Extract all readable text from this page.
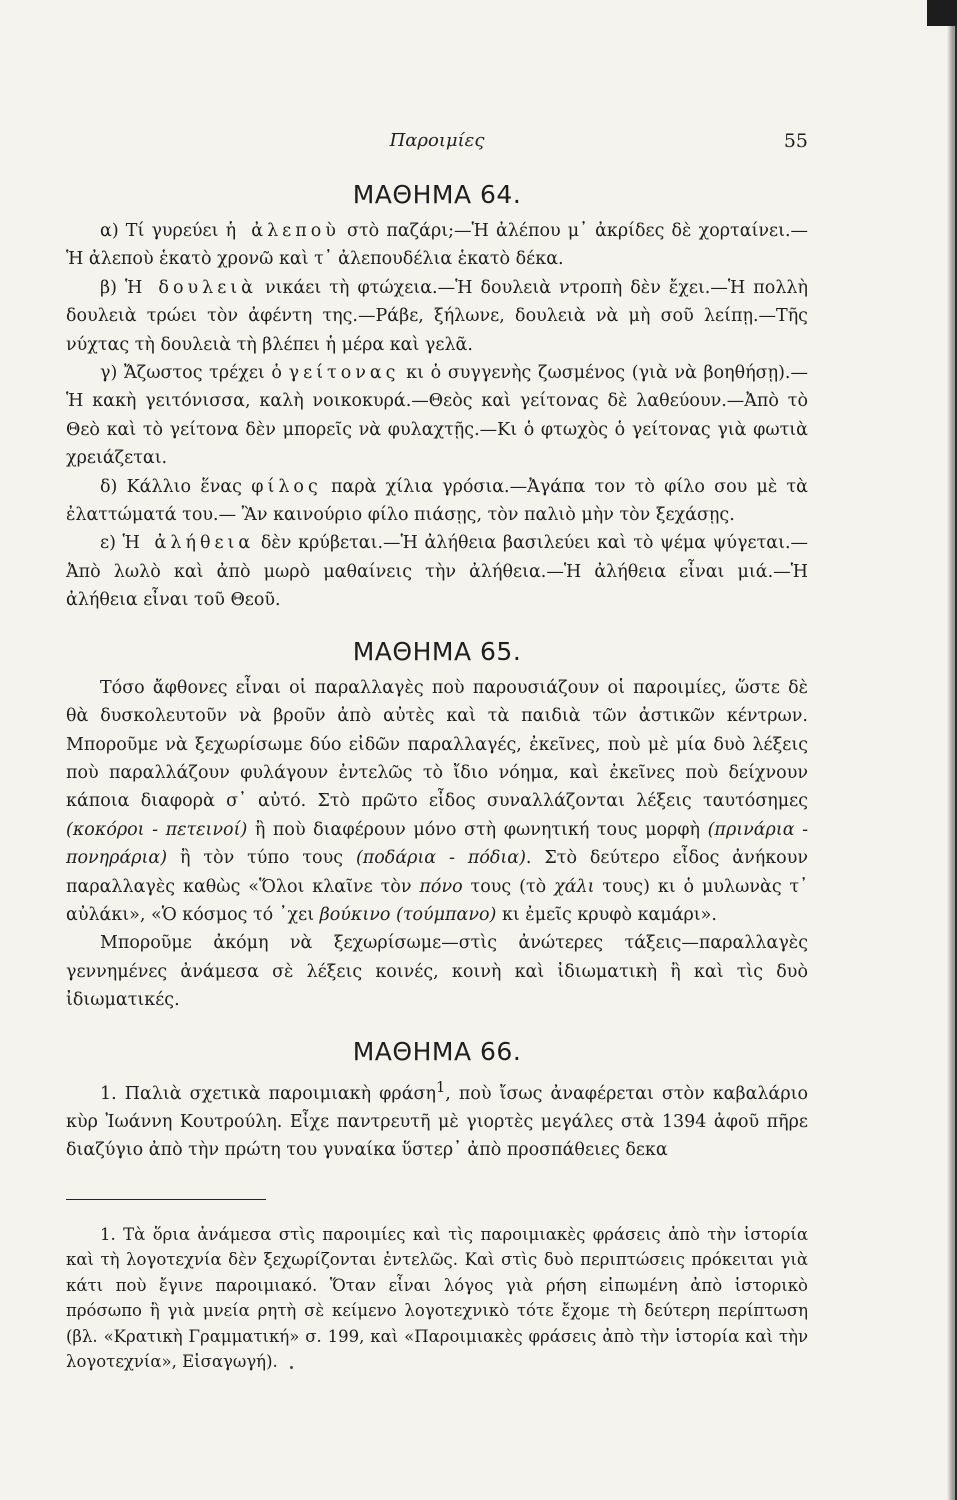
Παροιμίες	55
ΜΑΘΗΜΑ 64.

α) Τί γυρεύει ἡ ἀλεποὺ στὸ παζάρι;—Ἡ ἀλέπου μ᾿ ἀκρίδες δὲ χορταίνει.—Ἡ ἀλεποὺ ἑκατὸ χρονῶ καὶ τ᾿ ἀλεπουδέλια ἑκατὸ δέκα.

β) Ἡ δουλειὰ νικάει τὴ φτώχεια.—Ἡ δουλειὰ ντροπὴ δὲν ἔχει.—Ἡ πολλὴ δουλειὰ τρώει τὸν ἀφέντη της.—Ράβε, ξήλωνε, δουλειὰ νὰ μὴ σοῦ λείπῃ.—Τῆς νύχτας τὴ δουλειὰ τὴ βλέπει ἡ μέρα καὶ γελᾶ.

γ) Ἄζωστος τρέχει ὁ γείτονας κι ὁ συγγενὴς ζωσμένος (γιὰ νὰ βοηθήσῃ).—Ἡ κακὴ γειτόνισσα, καλὴ νοικοκυρά.—Θεὸς καὶ γείτονας δὲ λαθεύουν.—Ἀπὸ τὸ Θεὸ καὶ τὸ γείτονα δὲν μπορεῖς νὰ φυλαχτῇς.—Κι ὁ φτωχὸς ὁ γείτονας γιὰ φωτιὰ χρειάζεται.

δ) Κάλλιο ἕνας φίλος παρὰ χίλια γρόσια.—Ἀγάπα τον τὸ φίλο σου μὲ τὰ ἐλαττώματά του.— Ἂν καινούριο φίλο πιάσῃς, τὸν παλιὸ μὴν τὸν ξεχάσῃς.

ε) Ἡ ἀλήθεια δὲν κρύβεται.—Ἡ ἀλήθεια βασιλεύει καὶ τὸ ψέμα ψύγεται.—Ἀπὸ λωλὸ καὶ ἀπὸ μωρὸ μαθαίνεις τὴν ἀλήθεια.—Ἡ ἀλήθεια εἶναι μιά.—Ἡ ἀλήθεια εἶναι τοῦ Θεοῦ.

ΜΑΘΗΜΑ 65.

Τόσο ἄφθονες εἶναι οἱ παραλλαγὲς ποὺ παρουσιάζουν οἱ παροιμίες, ὥστε δὲ θὰ δυσκολευτοῦν νὰ βροῦν ἀπὸ αὐτὲς καὶ τὰ παιδιὰ τῶν ἀστικῶν κέντρων. Μποροῦμε νὰ ξεχωρίσωμε δύο εἰδῶν παραλλαγές, ἐκεῖνες, ποὺ μὲ μία δυὸ λέξεις ποὺ παραλλάζουν φυλάγουν ἐντελῶς τὸ ἴδιο νόημα, καὶ ἐκεῖνες ποὺ δείχνουν κάποια διαφορὰ σ᾿ αὐτό. Στὸ πρῶτο εἶδος συναλλάζονται λέξεις ταυτόσημες (κοκόροι - πετεινοί) ἢ ποὺ διαφέρουν μόνο στὴ φωνητική τους μορφὴ (πρινάρια - πονηράρια) ἢ τὸν τύπο τους (ποδάρια - πόδια). Στὸ δεύτερο εἶδος ἀνήκουν παραλλαγὲς καθὼς «Ὅλοι κλαῖνε τὸν πόνο τους (τὸ χάλι τους) κι ὁ μυλωνὰς τ᾿ αὐλάκι», «Ὁ κόσμος τό ᾿χει βούκινο (τούμπανο) κι ἐμεῖς κρυφὸ καμάρι».

Μποροῦμε ἀκόμη νὰ ξεχωρίσωμε—στὶς ἀνώτερες τάξεις—παραλλαγὲς γεννημένες ἀνάμεσα σὲ λέξεις κοινές, κοινὴ καὶ ἰδιωματικὴ ἢ καὶ τὶς δυὸ ἰδιωματικές.

ΜΑΘΗΜΑ 66.

1. Παλιὰ σχετικὰ παροιμιακὴ φράση$^1$, ποὺ ἴσως ἀναφέρεται στὸν καβαλάριο κὺρ Ἰωάννη Κουτρούλη. Εἶχε παντρευτῆ μὲ γιορτὲς μεγάλες στὰ 1394 ἀφοῦ πῆρε διαζύγιο ἀπὸ τὴν πρώτη του γυναίκα ὕστερ᾿ ἀπὸ προσπάθειες δεκα

1. Τὰ ὅρια ἀνάμεσα στὶς παροιμίες καὶ τὶς παροιμιακὲς φράσεις ἀπὸ τὴν ἱστορία καὶ τὴ λογοτεχνία δὲν ξεχωρίζονται ἐντελῶς. Καὶ στὶς δυὸ περιπτώσεις πρόκειται γιὰ κάτι ποὺ ἔγινε παροιμιακό. Ὅταν εἶναι λόγος γιὰ ρήση εἰπωμένη ἀπὸ ἱστορικὸ πρόσωπο ἢ γιὰ μνεία ρητὴ σὲ κείμενο λογοτεχνικὸ τότε ἔχομε τὴ δεύτερη περίπτωση (βλ. «Κρατικὴ Γραμματική» σ. 199, καὶ «Παροιμιακὲς φράσεις ἀπὸ τὴν ἱστορία καὶ τὴν λογοτεχνία», Εἰσαγωγή).
